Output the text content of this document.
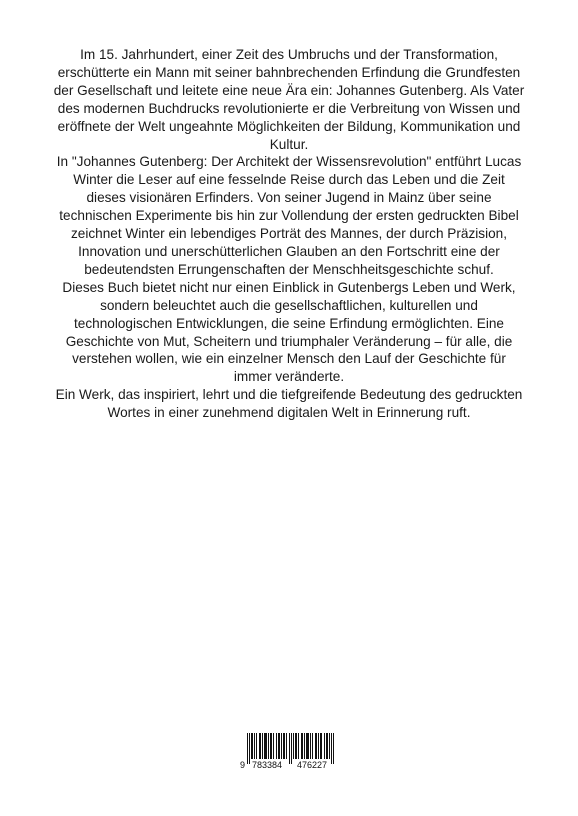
Im 15. Jahrhundert, einer Zeit des Umbruchs und der Transformation, erschütterte ein Mann mit seiner bahnbrechenden Erfindung die Grundfesten der Gesellschaft und leitete eine neue Ära ein: Johannes Gutenberg. Als Vater des modernen Buchdrucks revolutionierte er die Verbreitung von Wissen und eröffnete der Welt ungeahnte Möglichkeiten der Bildung, Kommunikation und Kultur.

In "Johannes Gutenberg: Der Architekt der Wissensrevolution" entführt Lucas Winter die Leser auf eine fesselnde Reise durch das Leben und die Zeit dieses visionären Erfinders. Von seiner Jugend in Mainz über seine technischen Experimente bis hin zur Vollendung der ersten gedruckten Bibel zeichnet Winter ein lebendiges Porträt des Mannes, der durch Präzision, Innovation und unerschütterlichen Glauben an den Fortschritt eine der bedeutendsten Errungenschaften der Menschheitsgeschichte schuf.

Dieses Buch bietet nicht nur einen Einblick in Gutenbergs Leben und Werk, sondern beleuchtet auch die gesellschaftlichen, kulturellen und technologischen Entwicklungen, die seine Erfindung ermöglichten. Eine Geschichte von Mut, Scheitern und triumphaler Veränderung – für alle, die verstehen wollen, wie ein einzelner Mensch den Lauf der Geschichte für immer veränderte.

Ein Werk, das inspiriert, lehrt und die tiefgreifende Bedeutung des gedruckten Wortes in einer zunehmend digitalen Welt in Erinnerung ruft.

9 783384 476227
